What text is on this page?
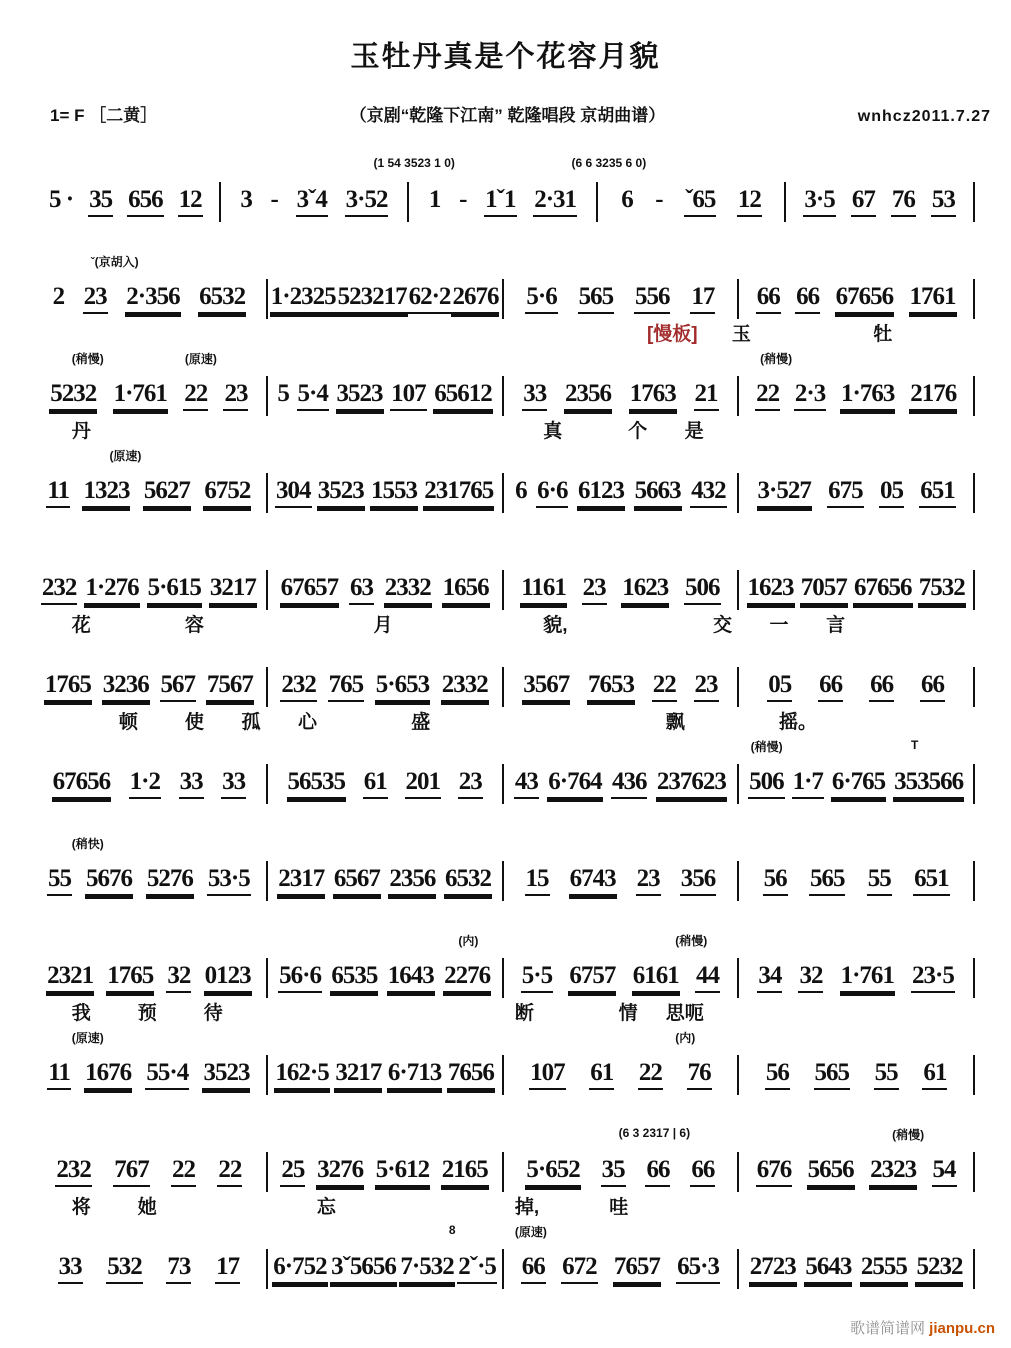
玉牡丹真是个花容月貌
1= F ［二黄］	（京剧“乾隆下江南” 乾隆唱段 京胡曲谱）	wnhcz2011.7.27
(1 54 3523 1 0)	(6 6 3235 6 0)
5 · 35 656 12 3 - 3ˇ4 3·52 1 - 1ˇ1 2·31 6 - ˇ65 12 3·5 67 76 53
ˇ(京胡入)
2 23 2·356 6532 1·2325 523217 62·2 2676 5·6 565 556 17 66 66 67656 1761
[慢板] 玉	牡
(稍慢)	(原速)	(稍慢)
5232 1·761 22 23 5 5·4 3523 107 65612 33 2356 1763 21 22 2·3 1·763 2176
丹	真	个 是
(原速)
11 1323 5627 6752 304 3523 1553 231765 6 6·6 6123 5663 432 3·527 675 05 651
232 1·276 5·615 3217 67657 63 2332 1656 1161 23 1623 506 1623 7057 67656 7532
花	容	月	貌,	交 一 言
1765 3236 567 7567 232 765 5·653 2332 3567 7653 22 23 05 66 66 66
顿 使 孤 心	盛	飘	摇。
(稍慢)	T
67656 1·2 33 33 56535 61 201 23 43 6·764 436 237623 506 1·7 6·765 353566
(稍快)
55 5676 5276 53·5 2317 6567 2356 6532 15 6743 23 356 56 565 55 651
(内)	(稍慢)
2321 1765 32 0123 56·6 6535 1643 2276 5·5 6757 6161 44 34 32 1·761 23·5
我 预 待	断	情 思呃
(原速)	(内)
11 1676 55·4 3523 162·5 3217 6·713 7656 107 61 22 76 56 565 55 61
(6 3 2317 | 6)	(稍慢)
232 767 22 22 25 3276 5·612 2165 5·652 35 66 66 676 5656 2323 54
将 她	忘	掉,	哇
8	(原速)
33 532 73 17 6·752 3ˇ5656 7·532 2ˇ·5 66 672 7657 65·3 2723 5643 2555 5232
歌谱简谱网 jianpu.cn
